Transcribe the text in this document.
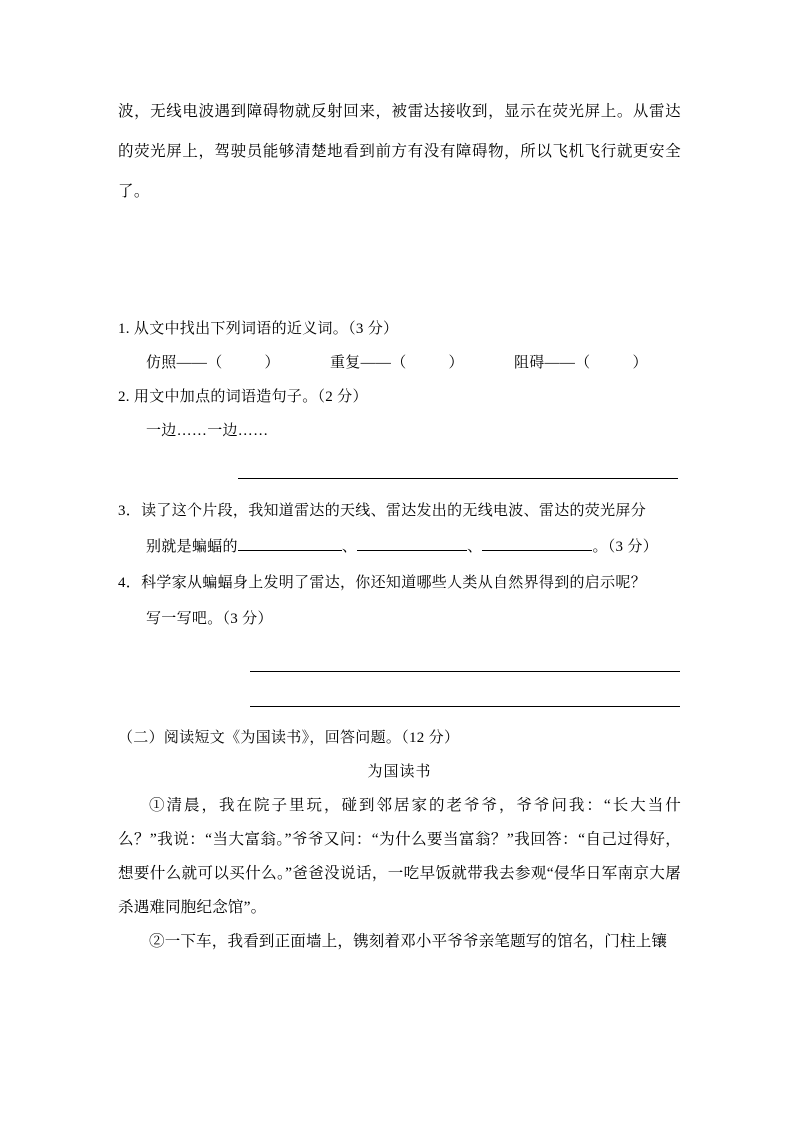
波，无线电波遇到障碍物就反射回来，被雷达接收到，显示在荧光屏上。从雷达的荧光屏上，驾驶员能够清楚地看到前方有没有障碍物，所以飞机飞行就更安全了。
1. 从文中找出下列词语的近义词。（3 分）
仿照——（	）	重复——（	）	阻碍——（	）
2. 用文中加点的词语造句子。（2 分）
一边……一边……
3．读了这个片段，我知道雷达的天线、雷达发出的无线电波、雷达的荧光屏分
别就是蝙蝠的	、	、	。（3 分）
4．科学家从蝙蝠身上发明了雷达，你还知道哪些人类从自然界得到的启示呢？
写一写吧。（3 分）
（二）阅读短文《为国读书》，回答问题。（12 分）
为国读书
①清晨，我在院子里玩，碰到邻居家的老爷爷，爷爷问我：“长大当什么？”我说：“当大富翁。”爷爷又问：“为什么要当富翁？”我回答：“自己过得好，想要什么就可以买什么。”爸爸没说话，一吃早饭就带我去参观“侵华日军南京大屠杀遇难同胞纪念馆”。
②一下车，我看到正面墙上，镌刻着邓小平爷爷亲笔题写的馆名，门柱上镶
